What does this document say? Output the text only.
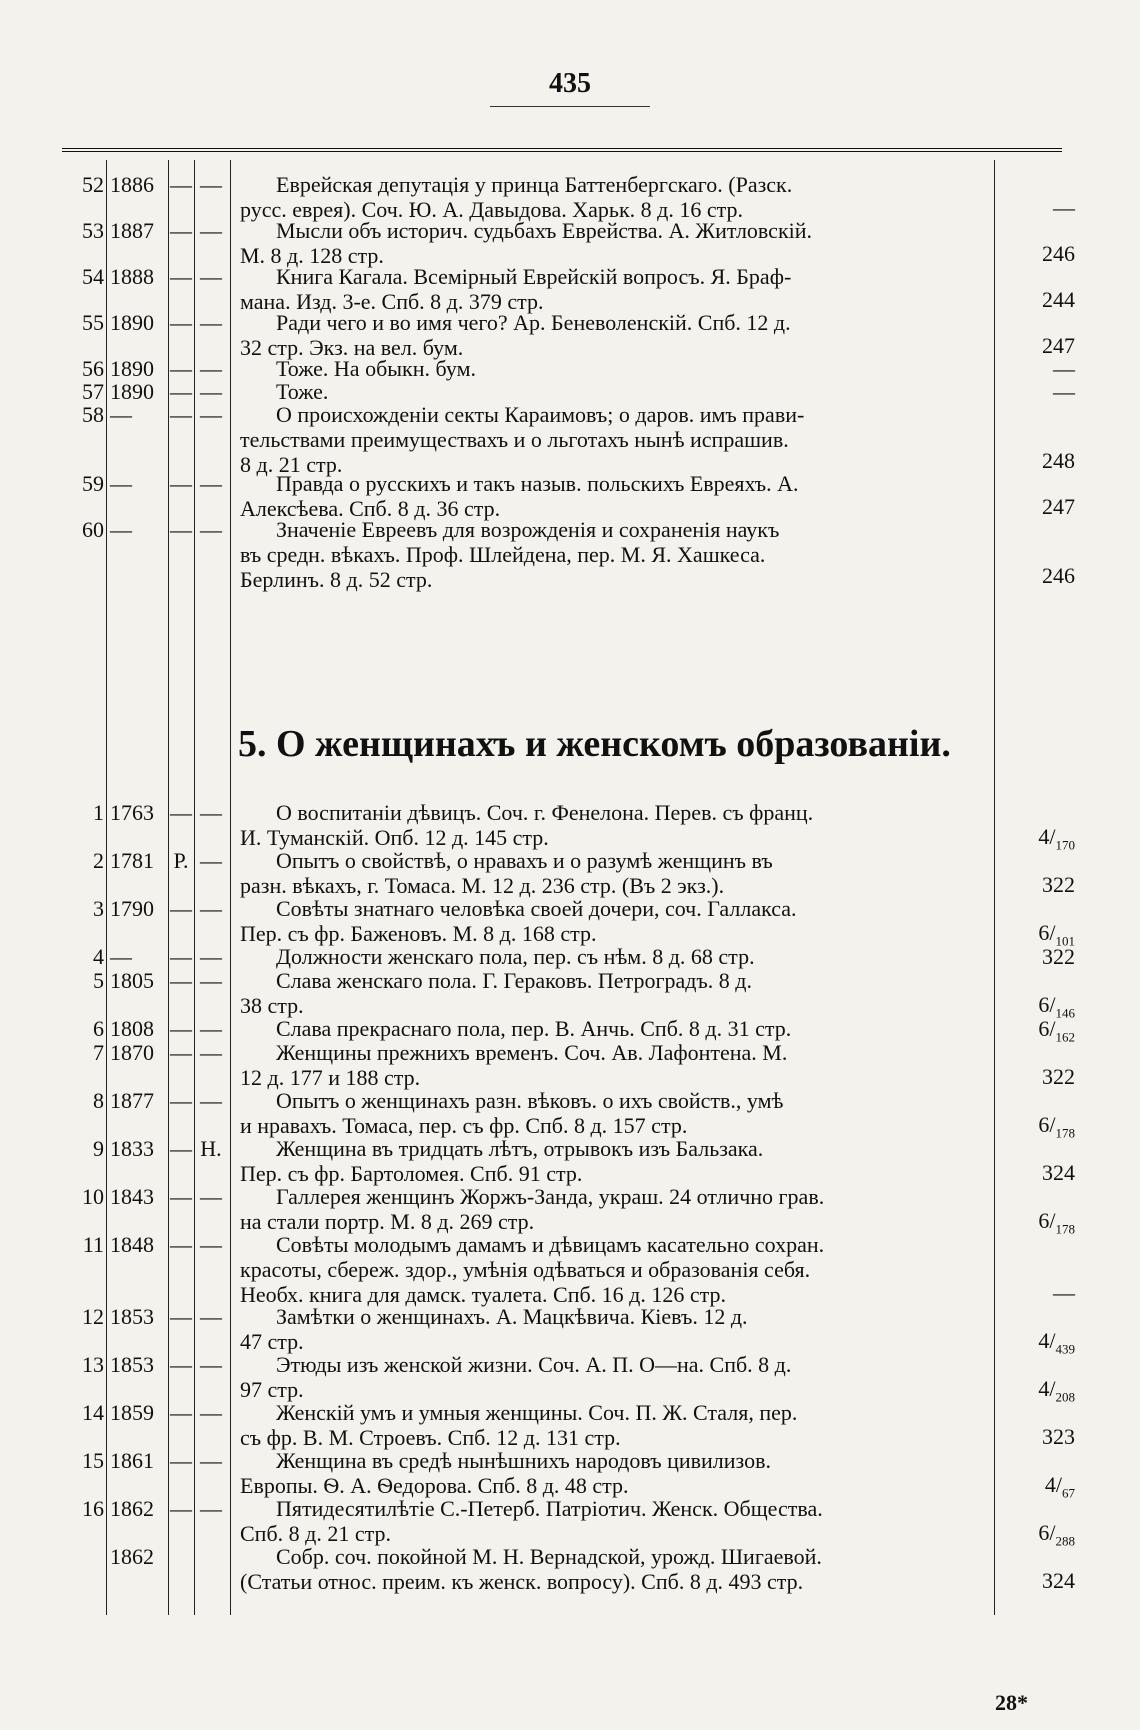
435
52 1886 — —	Еврейская депутацiя у принца Баттенбергскаго. (Разск.
русс. еврея). Соч. Ю. А. Давыдова. Харьк. 8 д. 16 стр.	—
53 1887 — —	Мысли объ историч. судьбахъ Еврейства. А. Житловскiй.
М. 8 д. 128 стр.	246
54 1888 — —	Книга Кагала. Всемiрный Еврейскiй вопросъ. Я. Браф-
мана. Изд. 3-е. Спб. 8 д. 379 стр.	244
55 1890 — —	Ради чего и во имя чего? Ар. Беневоленскiй. Спб. 12 д.
32 стр. Экз. на вел. бум.	247
56 1890 — —	Тоже. На обыкн. бум.	—
57 1890 — —	Тоже.	—
58 —	— —	О происхожденiи секты Караимовъ; о даров. имъ прави-
тельствами преимуществахъ и о льготахъ нынѣ испрашив.
8 д. 21 стр.	248
59 —	— —	Правда о русскихъ и такъ назыв. польскихъ Евреяхъ. А.
Алексѣева. Спб. 8 д. 36 стр.	247
60 —	— —	Значенiе Евреевъ для возрожденiя и сохраненiя наукъ
въ средн. вѣкахъ. Проф. Шлейдена, пер. М. Я. Хашкеса.
Берлинъ. 8 д. 52 стр.	246
5. О женщинахъ и женскомъ образованiи.
1 1763 — —	О воспитанiи дѣвицъ. Соч. г. Фенелона. Перев. съ франц.
И. Туманскiй. Опб. 12 д. 145 стр.	$4/_{170}$
2 1781 Р. —	Опытъ о свойствѣ, о нравахъ и о разумѣ женщинъ въ
разн. вѣкахъ, г. Томаса. М. 12 д. 236 стр. (Въ 2 экз.).	322
3 1790 — —	Совѣты знатнаго человѣка своей дочери, соч. Галлакса.
Пер. съ фр. Баженовъ. М. 8 д. 168 стр.	$6/_{101}$
4 —	— —	Должности женскаго пола, пер. съ нѣм. 8 д. 68 стр.	322
5 1805 — —	Слава женскаго пола. Г. Гераковъ. Петроградъ. 8 д.
38 стр.	$6/_{146}$
6 1808 — —	Слава прекраснаго пола, пер. В. Анчь. Спб. 8 д. 31 стр.	$6/_{162}$
7 1870 — —	Женщины прежнихъ временъ. Соч. Ав. Лафонтена. М.
12 д. 177 и 188 стр.	322
8 1877 — —	Опытъ о женщинахъ разн. вѣковъ. о ихъ свойств., умѣ
и нравахъ. Томаса, пер. съ фр. Спб. 8 д. 157 стр.	$6/_{178}$
9 1833 — Н.	Женщина въ тридцать лѣтъ, отрывокъ изъ Бальзака.
Пер. съ фр. Бартоломея. Спб. 91 стр.	324
10 1843 — —	Галлерея женщинъ Жоржъ-Занда, украш. 24 отлично грав.
на стали портр. М. 8 д. 269 стр.	$6/_{178}$
11 1848 — —	Совѣты молодымъ дамамъ и дѣвицамъ касательно сохран.
красоты, сбереж. здор., умѣнiя одѣваться и образованiя себя.
Необх. книга для дамск. туалета. Спб. 16 д. 126 стр.	—
12 1853 — —	Замѣтки о женщинахъ. А. Мацкѣвича. Кiевъ. 12 д.
47 стр.	$4/_{439}$
13 1853 — —	Этюды изъ женской жизни. Соч. А. П. О—на. Спб. 8 д.
97 стр.	$4/_{208}$
14 1859 — —	Женскiй умъ и умныя женщины. Соч. П. Ж. Сталя, пер.
съ фр. В. М. Строевъ. Спб. 12 д. 131 стр.	323
15 1861 — —	Женщина въ средѣ нынѣшнихъ народовъ цивилизов.
Европы. Ѳ. А. Ѳедорова. Спб. 8 д. 48 стр.	$4/_{67}$
16 1862 — —	Пятидесятилѣтiе С.-Петерб. Патрiотич. Женск. Общества.
Спб. 8 д. 21 стр.	$6/_{288}$
1862	Собр. соч. покойной М. Н. Вернадской, урожд. Шигаевой.
(Статьи относ. преим. къ женск. вопросу). Спб. 8 д. 493 стр.	324
28*
